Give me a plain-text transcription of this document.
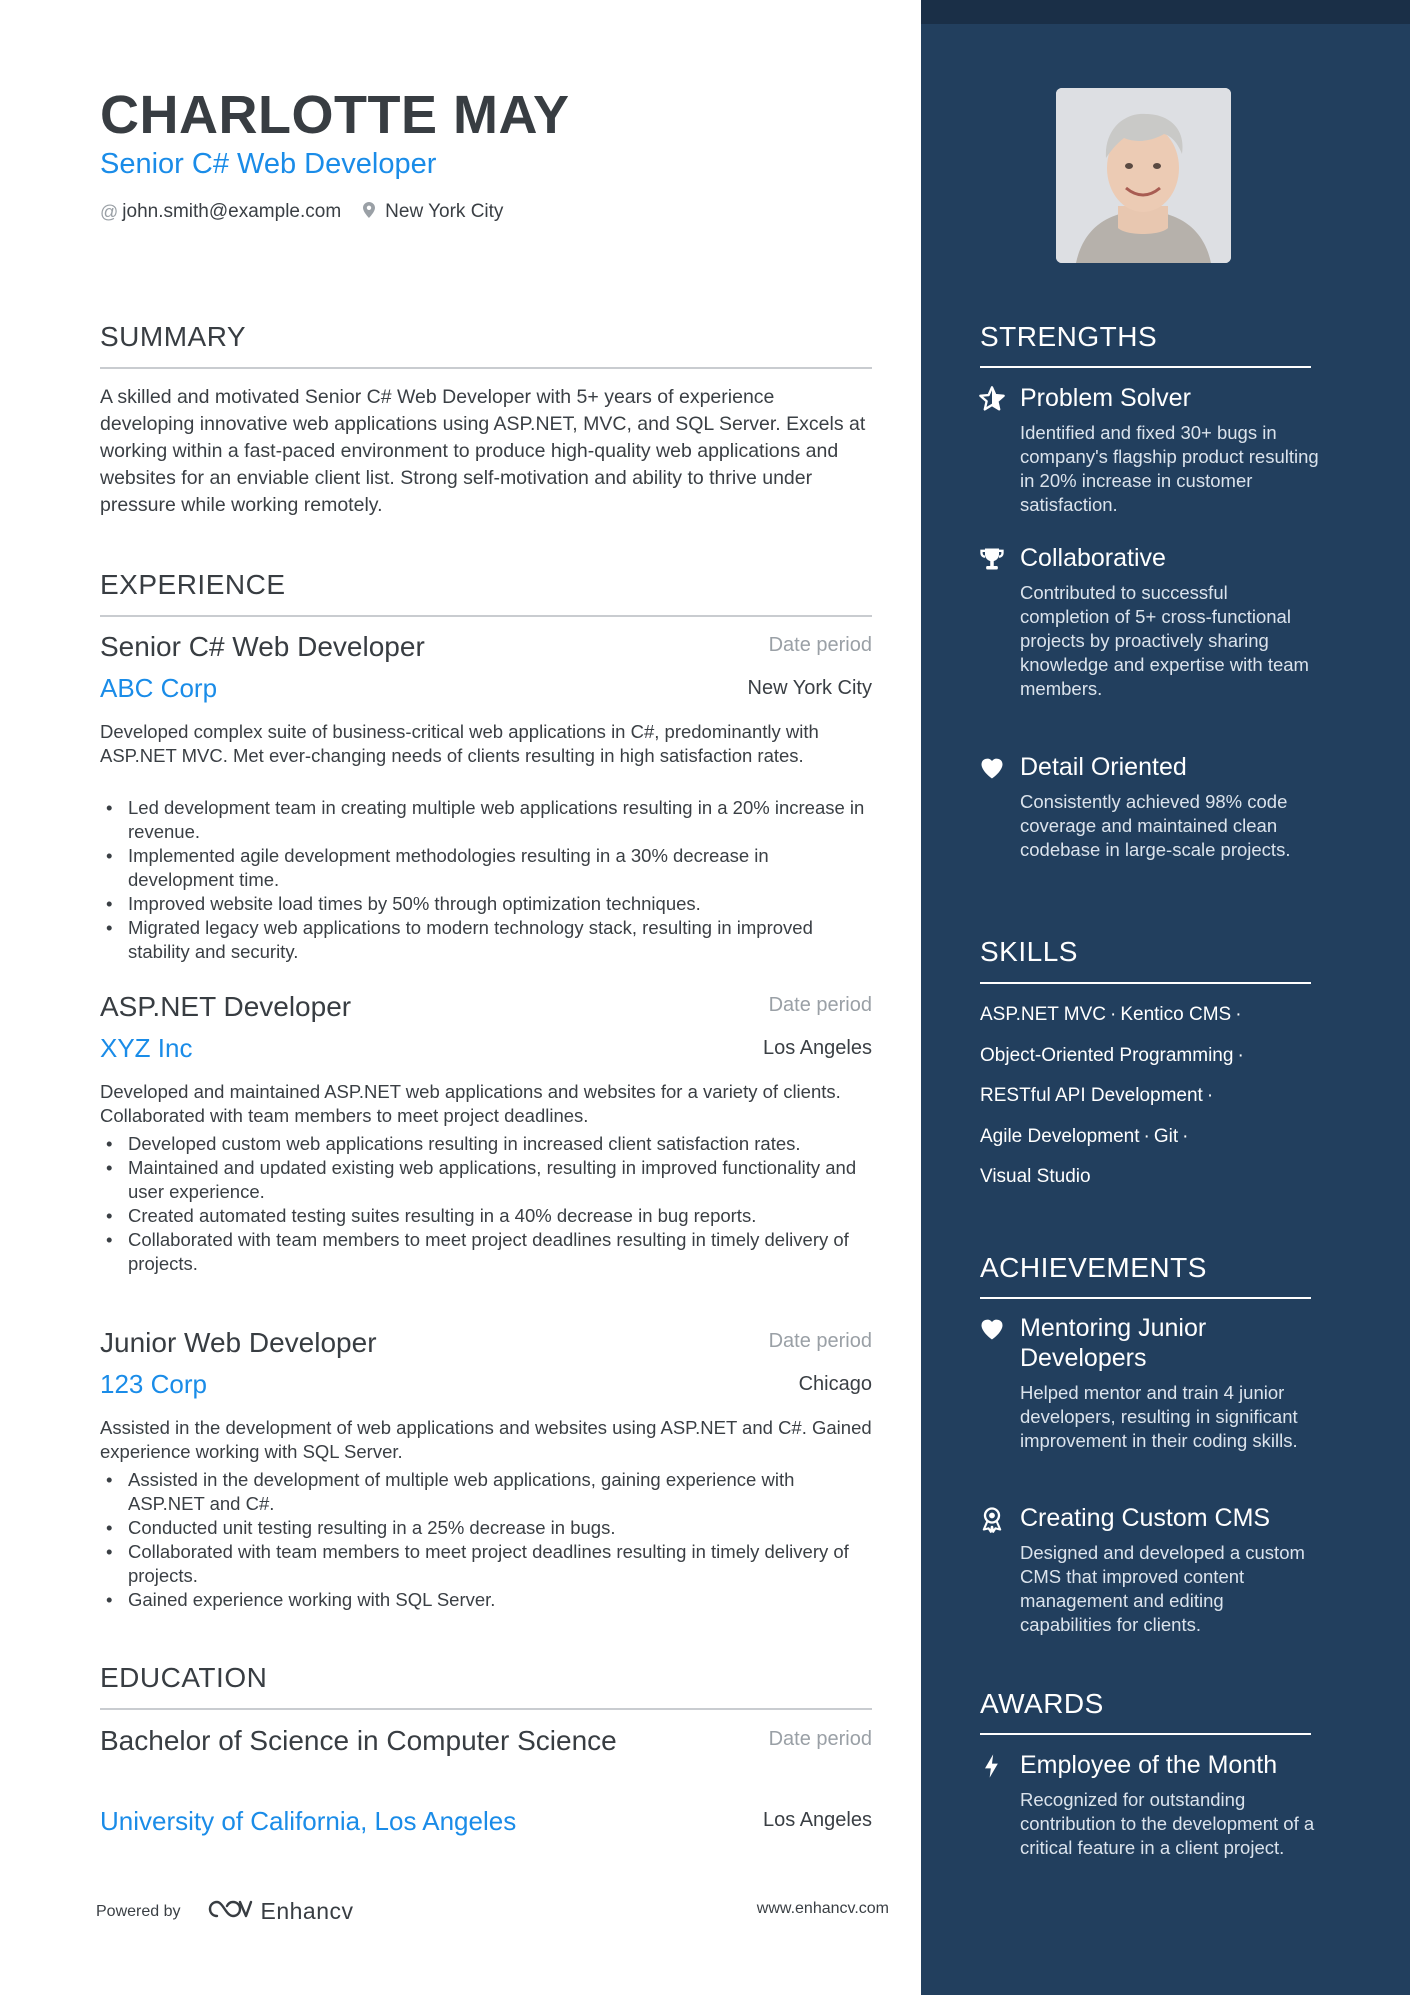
CHARLOTTE MAY
Senior C# Web Developer
@ john.smith@example.com New York City
SUMMARY
A skilled and motivated Senior C# Web Developer with 5+ years of experience developing innovative web applications using ASP.NET, MVC, and SQL Server. Excels at working within a fast-paced environment to produce high-quality web applications and websites for an enviable client list. Strong self-motivation and ability to thrive under pressure while working remotely.
EXPERIENCE
Senior C# Web Developer	Date period
ABC Corp	New York City
Developed complex suite of business-critical web applications in C#, predominantly with ASP.NET MVC. Met ever-changing needs of clients resulting in high satisfaction rates.
• Led development team in creating multiple web applications resulting in a 20% increase in revenue.
• Implemented agile development methodologies resulting in a 30% decrease in development time.
• Improved website load times by 50% through optimization techniques.
• Migrated legacy web applications to modern technology stack, resulting in improved stability and security.
ASP.NET Developer	Date period
XYZ Inc	Los Angeles
Developed and maintained ASP.NET web applications and websites for a variety of clients. Collaborated with team members to meet project deadlines.
• Developed custom web applications resulting in increased client satisfaction rates.
• Maintained and updated existing web applications, resulting in improved functionality and user experience.
• Created automated testing suites resulting in a 40% decrease in bug reports.
• Collaborated with team members to meet project deadlines resulting in timely delivery of projects.
Junior Web Developer	Date period
123 Corp	Chicago
Assisted in the development of web applications and websites using ASP.NET and C#. Gained experience working with SQL Server.
• Assisted in the development of multiple web applications, gaining experience with ASP.NET and C#.
• Conducted unit testing resulting in a 25% decrease in bugs.
• Collaborated with team members to meet project deadlines resulting in timely delivery of projects.
• Gained experience working with SQL Server.
EDUCATION
Bachelor of Science in Computer Science	Date period
University of California, Los Angeles	Los Angeles
Powered by	Enhancv	www.enhancv.com
STRENGTHS
Problem Solver
Identified and fixed 30+ bugs in company's flagship product resulting in 20% increase in customer satisfaction.
Collaborative
Contributed to successful completion of 5+ cross-functional projects by proactively sharing knowledge and expertise with team members.
Detail Oriented
Consistently achieved 98% code coverage and maintained clean codebase in large-scale projects.
SKILLS
ASP.NET MVC · Kentico CMS ·
Object-Oriented Programming ·
RESTful API Development ·
Agile Development · Git ·
Visual Studio
ACHIEVEMENTS
Mentoring Junior Developers
Helped mentor and train 4 junior developers, resulting in significant improvement in their coding skills.
Creating Custom CMS
Designed and developed a custom CMS that improved content management and editing capabilities for clients.
AWARDS
Employee of the Month
Recognized for outstanding contribution to the development of a critical feature in a client project.
